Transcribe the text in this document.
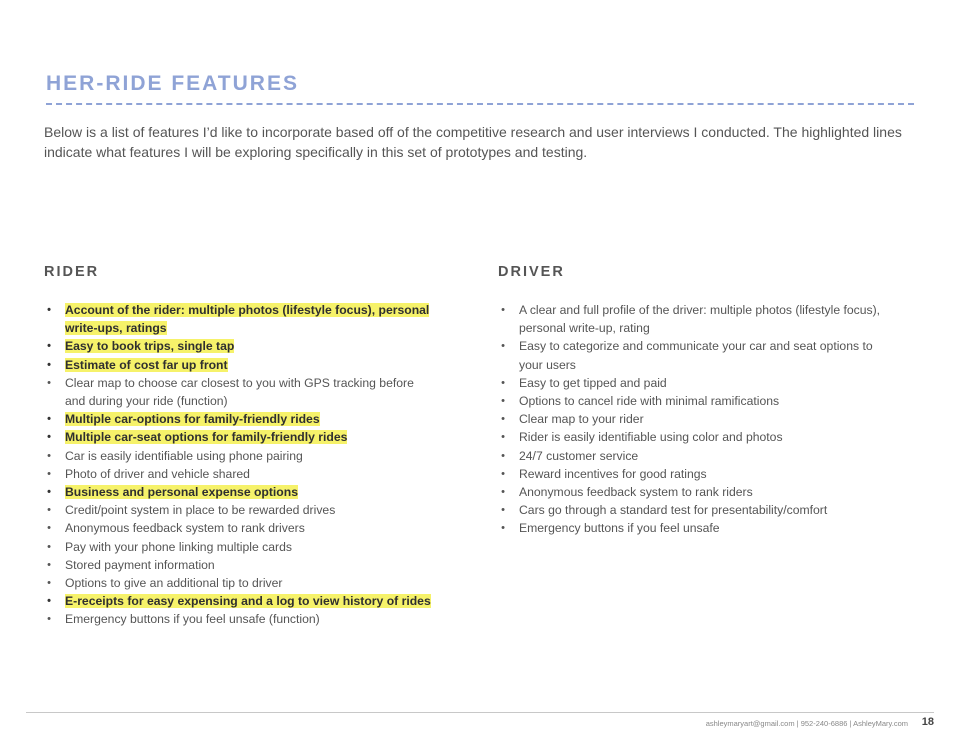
HER-RIDE FEATURES

Below is a list of features I’d like to incorporate based off of the competitive research and user interviews I conducted. The highlighted lines indicate what features I will be exploring specifically in this set of prototypes and testing.

RIDER
• Account of the rider: multiple photos (lifestyle focus), personal write-ups, ratings
• Easy to book trips, single tap
• Estimate of cost far up front
• Clear map to choose car closest to you with GPS tracking before and during your ride (function)
• Multiple car-options for family-friendly rides
• Multiple car-seat options for family-friendly rides
• Car is easily identifiable using phone pairing
• Photo of driver and vehicle shared
• Business and personal expense options
• Credit/point system in place to be rewarded drives
• Anonymous feedback system to rank drivers
• Pay with your phone linking multiple cards
• Stored payment information
• Options to give an additional tip to driver
• E-receipts for easy expensing and a log to view history of rides
• Emergency buttons if you feel unsafe (function)
DRIVER
• A clear and full profile of the driver: multiple photos (lifestyle focus), personal write-up, rating
• Easy to categorize and communicate your car and seat options to your users
• Easy to get tipped and paid
• Options to cancel ride with minimal ramifications
• Clear map to your rider
• Rider is easily identifiable using color and photos
• 24/7 customer service
• Reward incentives for good ratings
• Anonymous feedback system to rank riders
• Cars go through a standard test for presentability/comfort
• Emergency buttons if you feel unsafe
ashleymaryart@gmail.com | 952-240-6886 | AshleyMary.com 18
